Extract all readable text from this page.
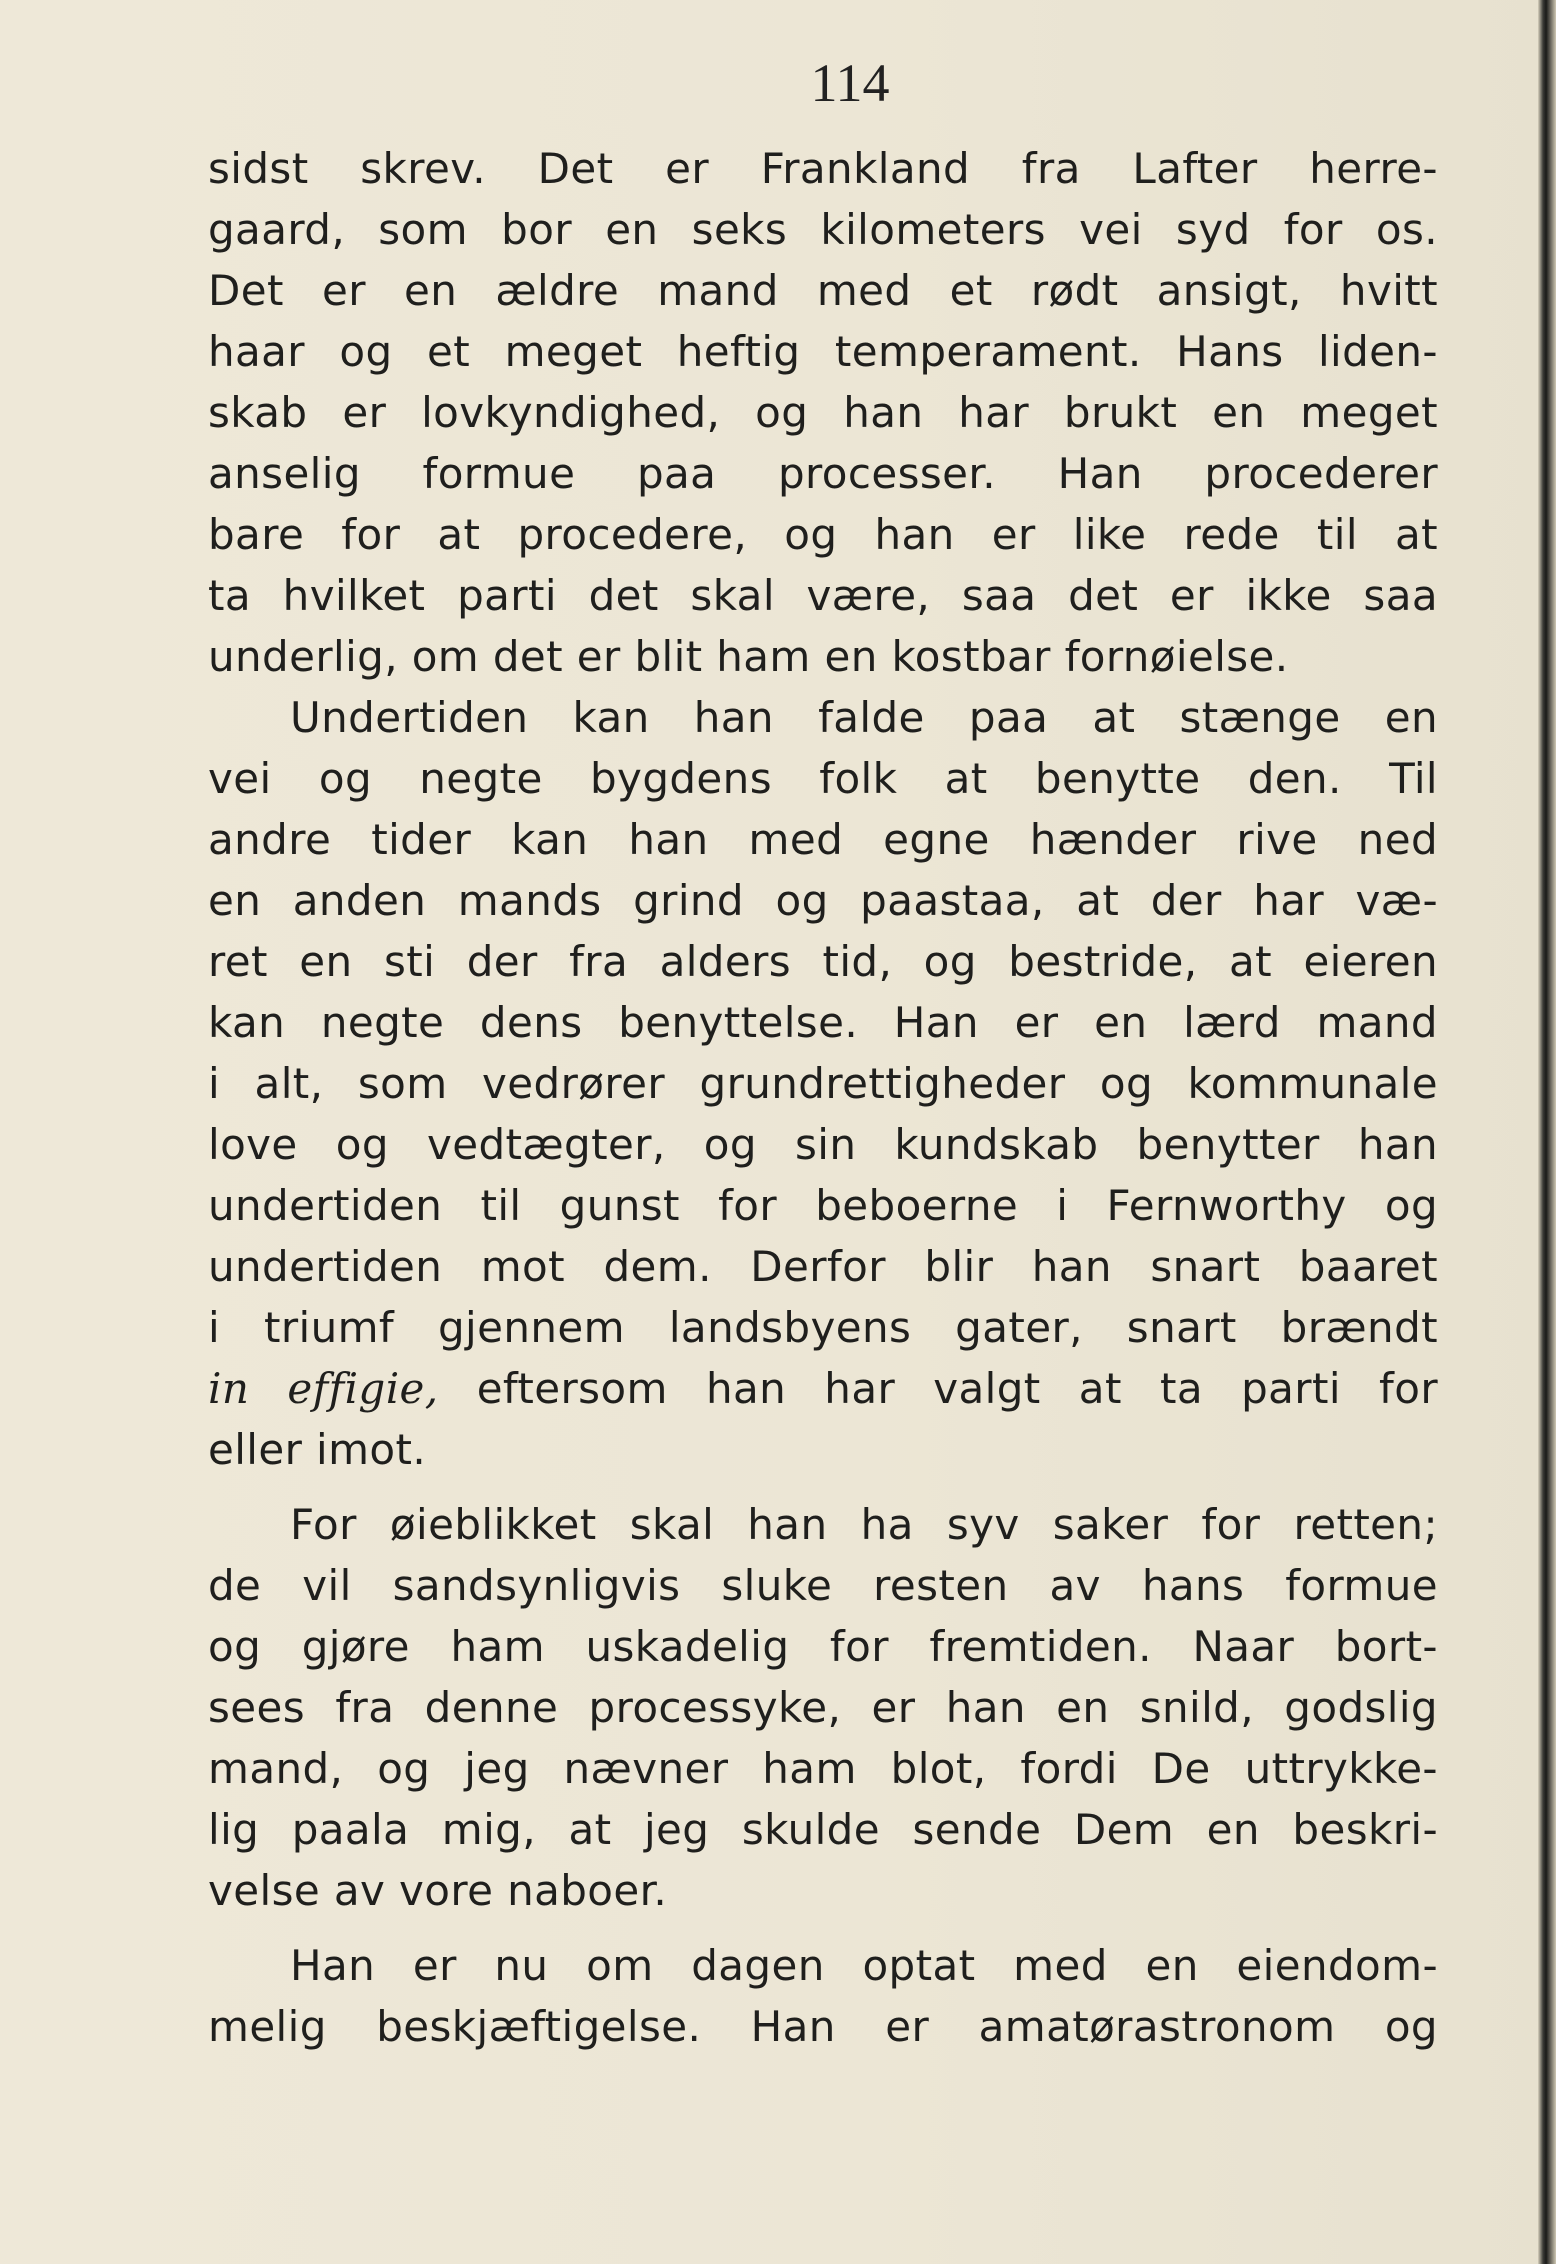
114
sidst skrev. Det er Frankland fra Lafter herre-
gaard, som bor en seks kilometers vei syd for os.
Det er en ældre mand med et rødt ansigt, hvitt
haar og et meget heftig temperament. Hans liden-
skab er lovkyndighed, og han har brukt en meget
anselig formue paa processer. Han procederer
bare for at procedere, og han er like rede til at
ta hvilket parti det skal være, saa det er ikke saa
underlig, om det er blit ham en kostbar fornøielse.
Undertiden kan han falde paa at stænge en
vei og negte bygdens folk at benytte den. Til
andre tider kan han med egne hænder rive ned
en anden mands grind og paastaa, at der har væ-
ret en sti der fra alders tid, og bestride, at eieren
kan negte dens benyttelse. Han er en lærd mand
i alt, som vedrører grundrettigheder og kommunale
love og vedtægter, og sin kundskab benytter han
undertiden til gunst for beboerne i Fernworthy og
undertiden mot dem. Derfor blir han snart baaret
i triumf gjennem landsbyens gater, snart brændt
in effigie, eftersom han har valgt at ta parti for
eller imot.
For øieblikket skal han ha syv saker for retten;
de vil sandsynligvis sluke resten av hans formue
og gjøre ham uskadelig for fremtiden. Naar bort-
sees fra denne processyke, er han en snild, godslig
mand, og jeg nævner ham blot, fordi De uttrykke-
lig paala mig, at jeg skulde sende Dem en beskri-
velse av vore naboer.
Han er nu om dagen optat med en eiendom-
melig beskjæftigelse. Han er amatørastronom og
